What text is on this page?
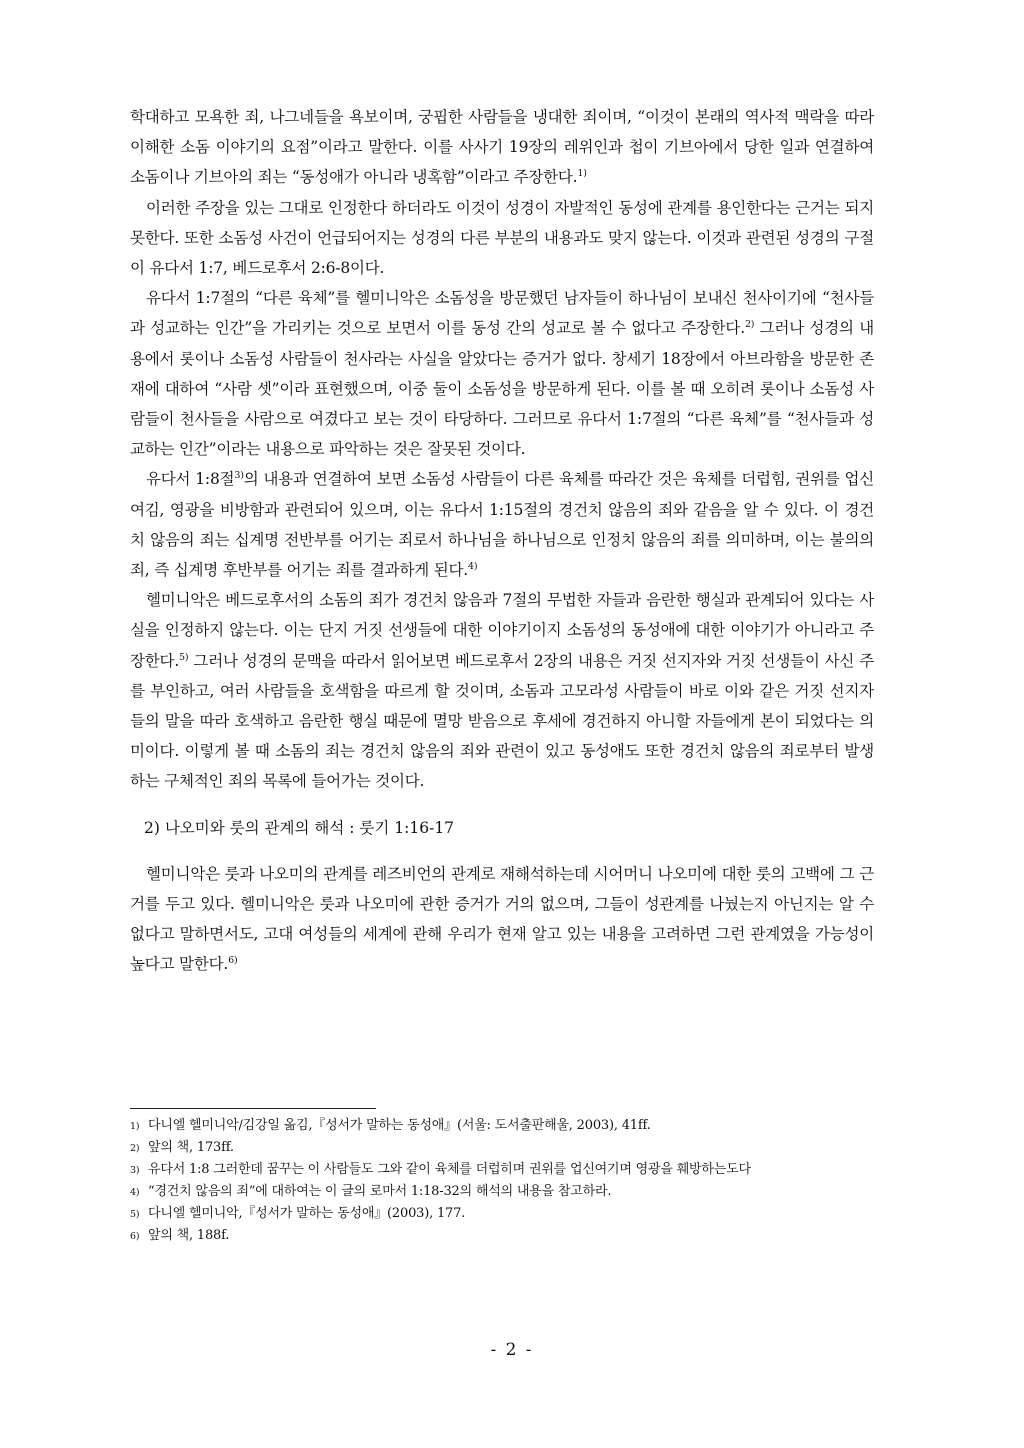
학대하고 모욕한 죄, 나그네들을 욕보이며, 궁핍한 사람들을 냉대한 죄이며, “이것이 본래의 역사적 맥락을 따라 이해한 소돔 이야기의 요점”이라고 말한다. 이를 사사기 19장의 레위인과 첩이 기브아에서 당한 일과 연결하여 소돔이나 기브아의 죄는 “동성애가 아니라 냉혹함”이라고 주장한다.$^{1)}$

이러한 주장을 있는 그대로 인정한다 하더라도 이것이 성경이 자발적인 동성에 관계를 용인한다는 근거는 되지 못한다. 또한 소돔성 사건이 언급되어지는 성경의 다른 부분의 내용과도 맞지 않는다. 이것과 관련된 성경의 구절이 유다서 1:7, 베드로후서 2:6-8이다.

유다서 1:7절의 “다른 육체”를 헬미니악은 소돔성을 방문했던 남자들이 하나님이 보내신 천사이기에 “천사들과 성교하는 인간”을 가리키는 것으로 보면서 이를 동성 간의 성교로 볼 수 없다고 주장한다.$^{2)}$ 그러나 성경의 내용에서 롯이나 소돔성 사람들이 천사라는 사실을 알았다는 증거가 없다. 창세기 18장에서 아브라함을 방문한 존재에 대하여 “사람 셋”이라 표현했으며, 이중 둘이 소돔성을 방문하게 된다. 이를 볼 때 오히려 롯이나 소돔성 사람들이 천사들을 사람으로 여겼다고 보는 것이 타당하다. 그러므로 유다서 1:7절의 “다른 육체”를 “천사들과 성교하는 인간”이라는 내용으로 파악하는 것은 잘못된 것이다.

유다서 1:8절$^{3)}$의 내용과 연결하여 보면 소돔성 사람들이 다른 육체를 따라간 것은 육체를 더럽힘, 권위를 업신여김, 영광을 비방함과 관련되어 있으며, 이는 유다서 1:15절의 경건치 않음의 죄와 같음을 알 수 있다. 이 경건치 않음의 죄는 십계명 전반부를 어기는 죄로서 하나님을 하나님으로 인정치 않음의 죄를 의미하며, 이는 불의의 죄, 즉 십계명 후반부를 어기는 죄를 결과하게 된다.$^{4)}$

헬미니악은 베드로후서의 소돔의 죄가 경건치 않음과 7절의 무법한 자들과 음란한 행실과 관계되어 있다는 사실을 인정하지 않는다. 이는 단지 거짓 선생들에 대한 이야기이지 소돔성의 동성애에 대한 이야기가 아니라고 주장한다.$^{5)}$ 그러나 성경의 문맥을 따라서 읽어보면 베드로후서 2장의 내용은 거짓 선지자와 거짓 선생들이 사신 주를 부인하고, 여러 사람들을 호색함을 따르게 할 것이며, 소돔과 고모라성 사람들이 바로 이와 같은 거짓 선지자들의 말을 따라 호색하고 음란한 행실 때문에 멸망 받음으로 후세에 경건하지 아니할 자들에게 본이 되었다는 의미이다. 이렇게 볼 때 소돔의 죄는 경건치 않음의 죄와 관련이 있고 동성애도 또한 경건치 않음의 죄로부터 발생하는 구체적인 죄의 목록에 들어가는 것이다.

2) 나오미와 룻의 관계의 해석 : 룻기 1:16-17

헬미니악은 룻과 나오미의 관계를 레즈비언의 관계로 재해석하는데 시어머니 나오미에 대한 룻의 고백에 그 근거를 두고 있다. 헬미니악은 룻과 나오미에 관한 증거가 거의 없으며, 그들이 성관계를 나눴는지 아닌지는 알 수 없다고 말하면서도, 고대 여성들의 세계에 관해 우리가 현재 알고 있는 내용을 고려하면 그런 관계였을 가능성이 높다고 말한다.$^{6)}$

1) 다니엘 헬미니악/김강일 옮김,『성서가 말하는 동성애』(서울: 도서출판해울, 2003), 41ff.
2) 앞의 책, 173ff.
3) 유다서 1:8 그러한데 꿈꾸는 이 사람들도 그와 같이 육체를 더럽히며 권위를 업신여기며 영광을 훼방하는도다
4) “경건치 않음의 죄”에 대하여는 이 글의 로마서 1:18-32의 해석의 내용을 참고하라.
5) 다니엘 헬미니악,『성서가 말하는 동성애』(2003), 177.
6) 앞의 책, 188f.
- 2 -
